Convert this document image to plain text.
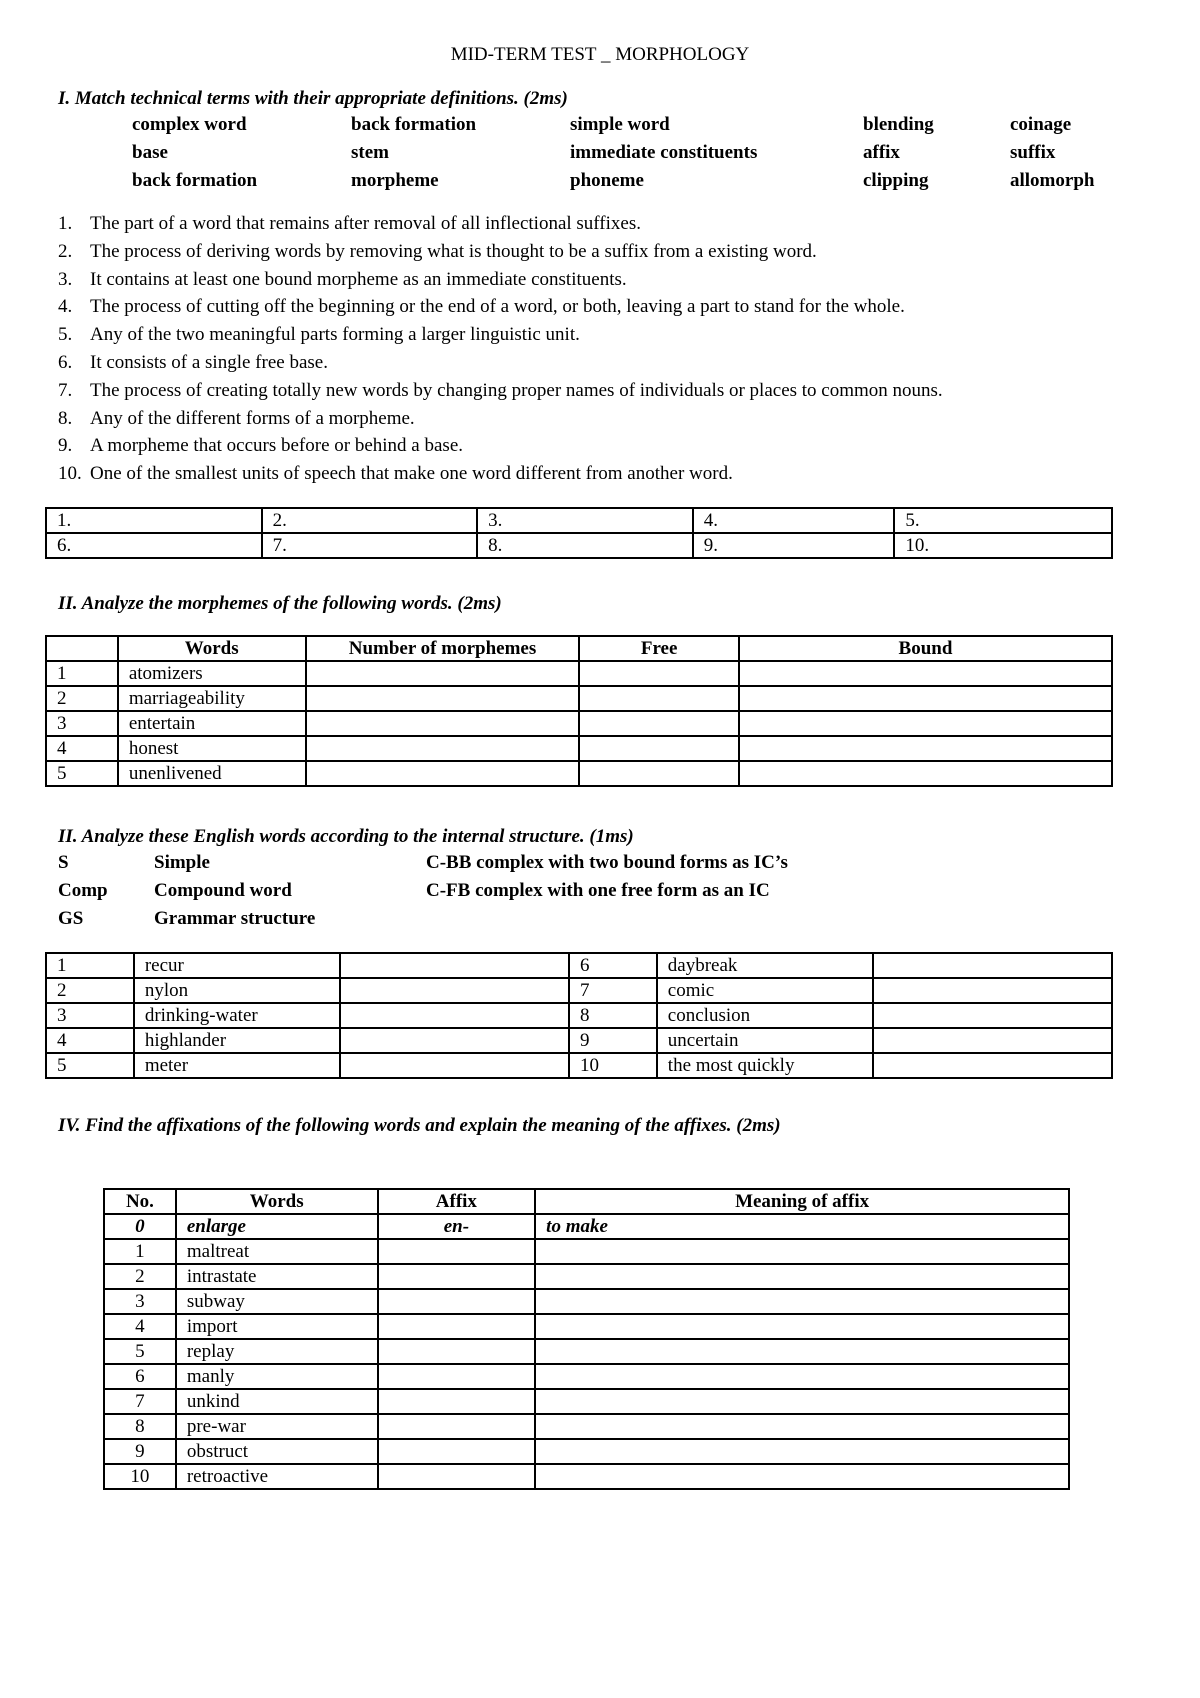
MID-TERM TEST _ MORPHOLOGY
I. Match technical terms with their appropriate definitions. (2ms)
complex word	back formation	simple word	blending	coinage
base	stem	immediate constituents	affix	suffix
back formation	morpheme	phoneme	clipping	allomorph
1. The part of a word that remains after removal of all inflectional suffixes.
2. The process of deriving words by removing what is thought to be a suffix from a existing word.
3. It contains at least one bound morpheme as an immediate constituents.
4. The process of cutting off the beginning or the end of a word, or both, leaving a part to stand for the whole.
5. Any of the two meaningful parts forming a larger linguistic unit.
6. It consists of a single free base.
7. The process of creating totally new words by changing proper names of individuals or places to common nouns.
8. Any of the different forms of a morpheme.
9. A morpheme that occurs before or behind a base.
10. One of the smallest units of speech that make one word different from another word.
1.	2.	3.	4.	5.
6.	7.	8.	9.	10.
II. Analyze the morphemes of the following words. (2ms)
	Words	Number of morphemes	Free	Bound
1	atomizers			
2	marriageability			
3	entertain			
4	honest			
5	unenlivened			
II. Analyze these English words according to the internal structure. (1ms)
S	Simple	C-BB complex with two bound forms as IC’s
Comp Compound word	C-FB complex with one free form as an IC
GS	Grammar structure
1	recur		6	daybreak	
2	nylon		7	comic	
3	drinking-water		8	conclusion	
4	highlander		9	uncertain	
5	meter		10	the most quickly	
IV. Find the affixations of the following words and explain the meaning of the affixes. (2ms)
No.	Words	Affix	Meaning of affix
0	enlarge	en-	to make
1	maltreat		
2	intrastate		
3	subway		
4	import		
5	replay		
6	manly		
7	unkind		
8	pre-war		
9	obstruct		
10	retroactive		
